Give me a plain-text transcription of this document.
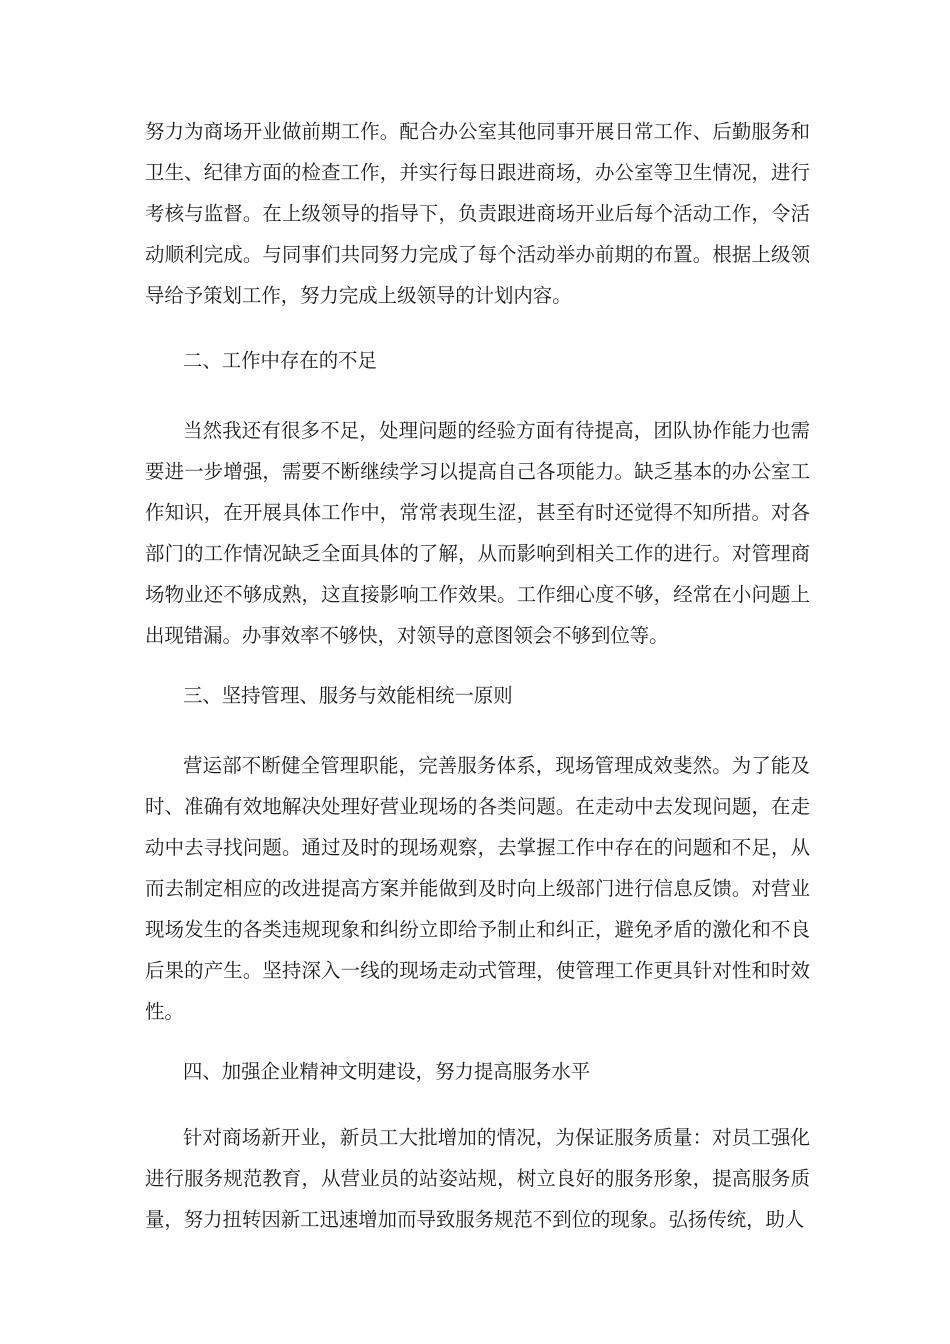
努力为商场开业做前期工作。配合办公室其他同事开展日常工作、后勤服务和卫生、纪律方面的检查工作，并实行每日跟进商场，办公室等卫生情况，进行考核与监督。在上级领导的指导下，负责跟进商场开业后每个活动工作，令活动顺利完成。与同事们共同努力完成了每个活动举办前期的布置。根据上级领导给予策划工作，努力完成上级领导的计划内容。

二、工作中存在的不足

当然我还有很多不足，处理问题的经验方面有待提高，团队协作能力也需要进一步增强，需要不断继续学习以提高自己各项能力。缺乏基本的办公室工作知识，在开展具体工作中，常常表现生涩，甚至有时还觉得不知所措。对各部门的工作情况缺乏全面具体的了解，从而影响到相关工作的进行。对管理商场物业还不够成熟，这直接影响工作效果。工作细心度不够，经常在小问题上出现错漏。办事效率不够快，对领导的意图领会不够到位等。

三、坚持管理、服务与效能相统一原则

营运部不断健全管理职能，完善服务体系，现场管理成效斐然。为了能及时、准确有效地解决处理好营业现场的各类问题。在走动中去发现问题，在走动中去寻找问题。通过及时的现场观察，去掌握工作中存在的问题和不足，从而去制定相应的改进提高方案并能做到及时向上级部门进行信息反馈。对营业现场发生的各类违规现象和纠纷立即给予制止和纠正，避免矛盾的激化和不良后果的产生。坚持深入一线的现场走动式管理，使管理工作更具针对性和时效性。

四、加强企业精神文明建设，努力提高服务水平

针对商场新开业，新员工大批增加的情况，为保证服务质量：对员工强化进行服务规范教育，从营业员的站姿站规，树立良好的服务形象，提高服务质量，努力扭转因新工迅速增加而导致服务规范不到位的现象。弘扬传统，助人
